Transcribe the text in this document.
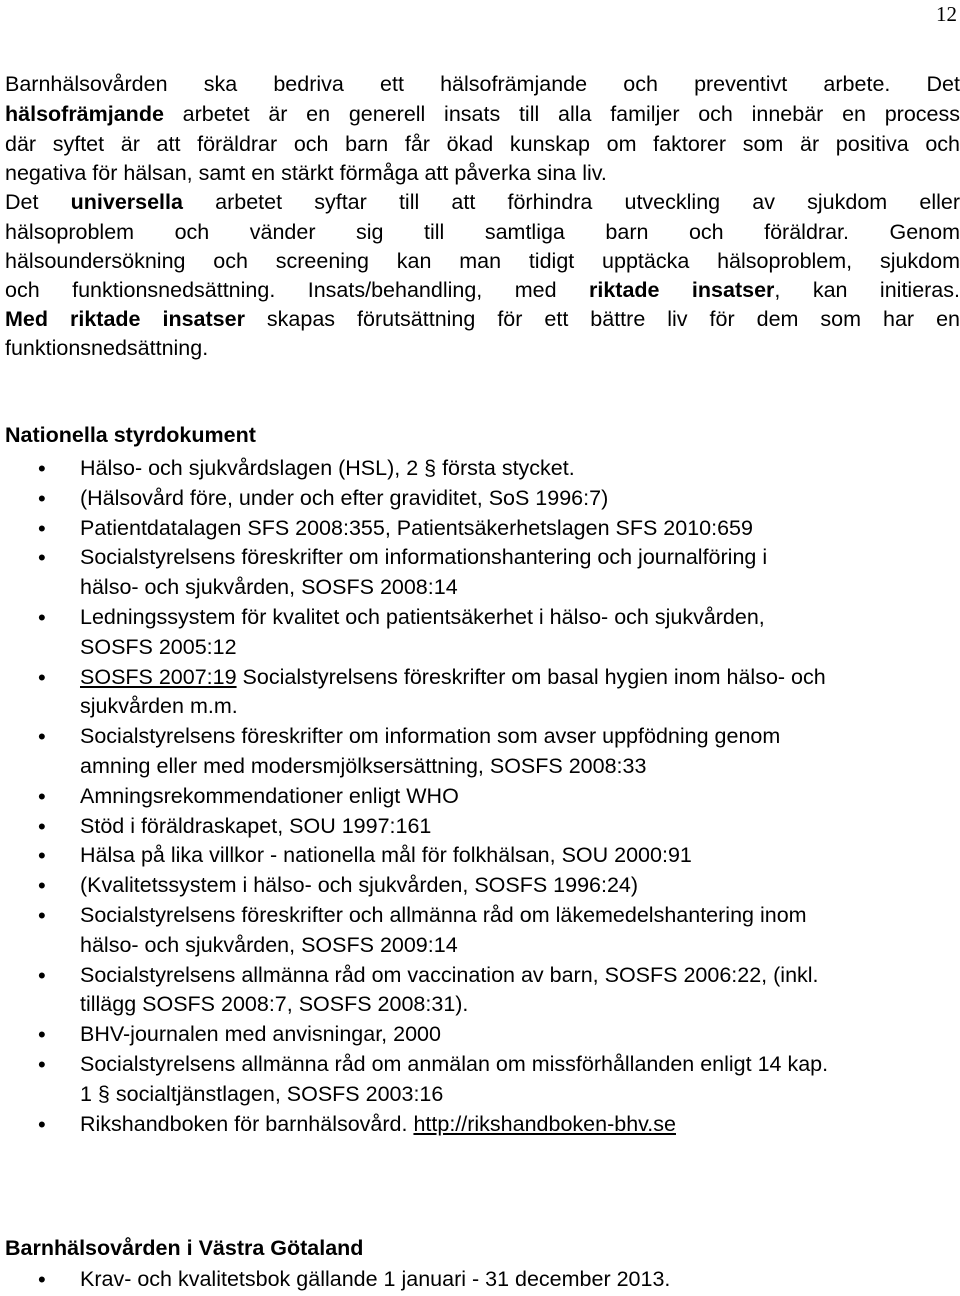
12
Barnhälsovården ska bedriva ett hälsofrämjande och preventivt arbete. Det
hälsofrämjande arbetet är en generell insats till alla familjer och innebär en process
där syftet är att föräldrar och barn får ökad kunskap om faktorer som är positiva och
negativa för hälsan, samt en stärkt förmåga att påverka sina liv.
Det universella arbetet syftar till att förhindra utveckling av sjukdom eller
hälsoproblem och vänder sig till samtliga barn och föräldrar. Genom
hälsoundersökning och screening kan man tidigt upptäcka hälsoproblem, sjukdom
och funktionsnedsättning. Insats/behandling, med riktade insatser, kan initieras.
Med riktade insatser skapas förutsättning för ett bättre liv för dem som har en
funktionsnedsättning.
Nationella styrdokument
• Hälso- och sjukvårdslagen (HSL), 2 § första stycket.
• (Hälsovård före, under och efter graviditet, SoS 1996:7)
• Patientdatalagen SFS 2008:355, Patientsäkerhetslagen SFS 2010:659
• Socialstyrelsens föreskrifter om informationshantering och journalföring i
hälso- och sjukvården, SOSFS 2008:14
• Ledningssystem för kvalitet och patientsäkerhet i hälso- och sjukvården,
SOSFS 2005:12
• SOSFS 2007:19 Socialstyrelsens föreskrifter om basal hygien inom hälso- och
sjukvården m.m.
• Socialstyrelsens föreskrifter om information som avser uppfödning genom
amning eller med modersmjölksersättning, SOSFS 2008:33
• Amningsrekommendationer enligt WHO
• Stöd i föräldraskapet, SOU 1997:161
• Hälsa på lika villkor - nationella mål för folkhälsan, SOU 2000:91
• (Kvalitetssystem i hälso- och sjukvården, SOSFS 1996:24)
• Socialstyrelsens föreskrifter och allmänna råd om läkemedelshantering inom
hälso- och sjukvården, SOSFS 2009:14
• Socialstyrelsens allmänna råd om vaccination av barn, SOSFS 2006:22, (inkl.
tillägg SOSFS 2008:7, SOSFS 2008:31).
• BHV-journalen med anvisningar, 2000
• Socialstyrelsens allmänna råd om anmälan om missförhållanden enligt 14 kap.
1 § socialtjänstlagen, SOSFS 2003:16
• Rikshandboken för barnhälsovård. http://rikshandboken-bhv.se
Barnhälsovården i Västra Götaland
• Krav- och kvalitetsbok gällande 1 januari - 31 december 2013.
